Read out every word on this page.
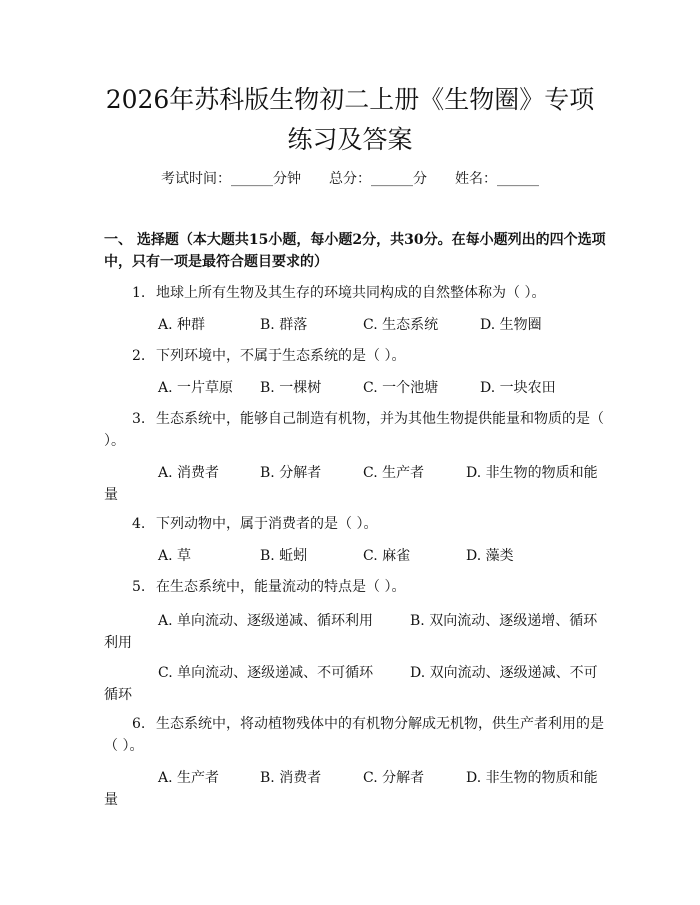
2026年苏科版生物初二上册《生物圈》专项
练习及答案
考试时间：______分钟 总分：______分 姓名：______
一、 选择题（本大题共15小题，每小题2分，共30分。在每小题列出的四个选项中，只有一项是最符合题目要求的）
1. 地球上所有生物及其生存的环境共同构成的自然整体称为（ ）。
A. 种群	B. 群落	C. 生态系统	D. 生物圈
2. 下列环境中，不属于生态系统的是（ ）。
A. 一片草原 B. 一棵树	C. 一个池塘	D. 一块农田
3. 生态系统中，能够自己制造有机物，并为其他生物提供能量和物质的是（ ）。
A. 消费者	B. 分解者	C. 生产者	D. 非生物的物质和能
量
4. 下列动物中，属于消费者的是（ ）。
A. 草	B. 蚯蚓	C. 麻雀	D. 藻类
5. 在生态系统中，能量流动的特点是（ ）。
A. 单向流动、逐级递减、循环利用	B. 双向流动、逐级递增、循环
利用
C. 单向流动、逐级递减、不可循环	D. 双向流动、逐级递减、不可
循环
6. 生态系统中，将动植物残体中的有机物分解成无机物，供生产者利用的是（ ）。
A. 生产者	B. 消费者	C. 分解者	D. 非生物的物质和能
量
